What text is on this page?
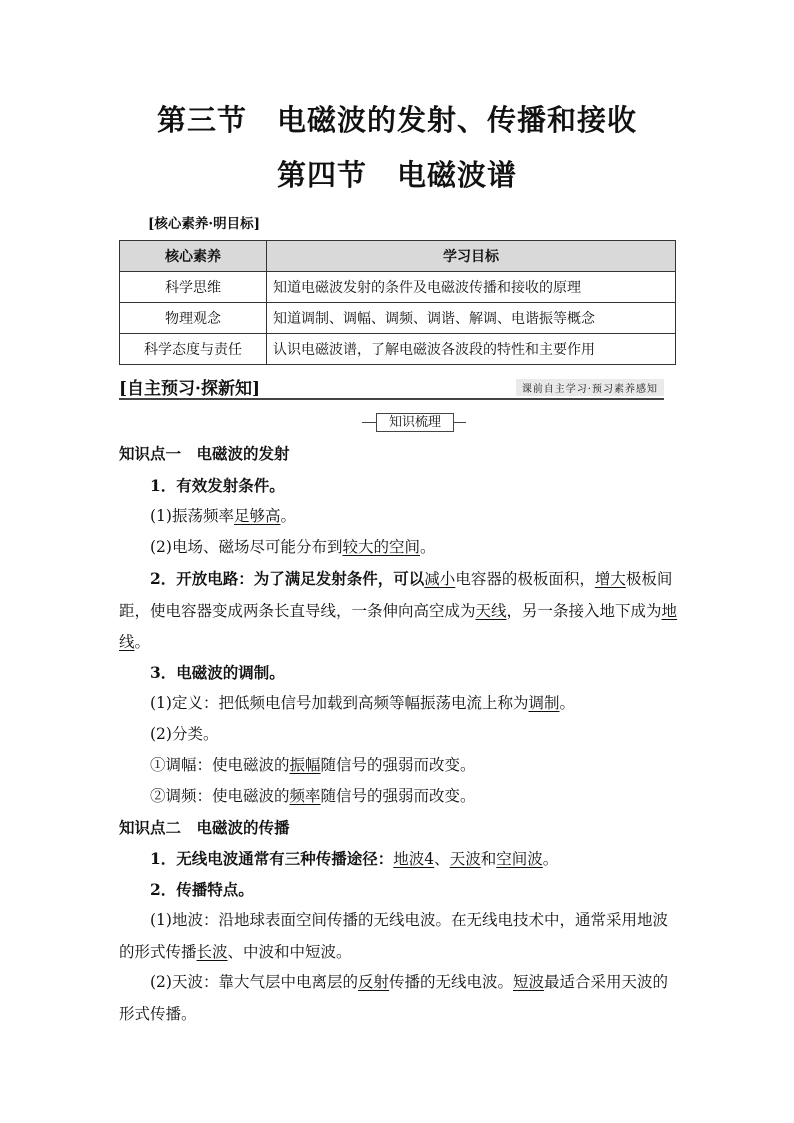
第三节　电磁波的发射、传播和接收
第四节　电磁波谱
[核心素养·明目标]
核心素养	学习目标
科学思维	知道电磁波发射的条件及电磁波传播和接收的原理
物理观念	知道调制、调幅、调频、调谐、解调、电谐振等概念
科学态度与责任	认识电磁波谱，了解电磁波各波段的特性和主要作用
[自主预习·探新知]	课前自主学习·预习素养感知
知识梳理
知识点一　电磁波的发射
1．有效发射条件。
(1)振荡频率足够高。
(2)电场、磁场尽可能分布到较大的空间。
2．开放电路：为了满足发射条件，可以减小电容器的极板面积，增大极板间距，使电容器变成两条长直导线，一条伸向高空成为天线，另一条接入地下成为地线。
3．电磁波的调制。
(1)定义：把低频电信号加载到高频等幅振荡电流上称为调制。
(2)分类。
①调幅：使电磁波的振幅随信号的强弱而改变。
②调频：使电磁波的频率随信号的强弱而改变。
知识点二　电磁波的传播
1．无线电波通常有三种传播途径：地波4、天波和空间波。
2．传播特点。
(1)地波：沿地球表面空间传播的无线电波。在无线电技术中，通常采用地波的形式传播长波、中波和中短波。
(2)天波：靠大气层中电离层的反射传播的无线电波。短波最适合采用天波的形式传播。
